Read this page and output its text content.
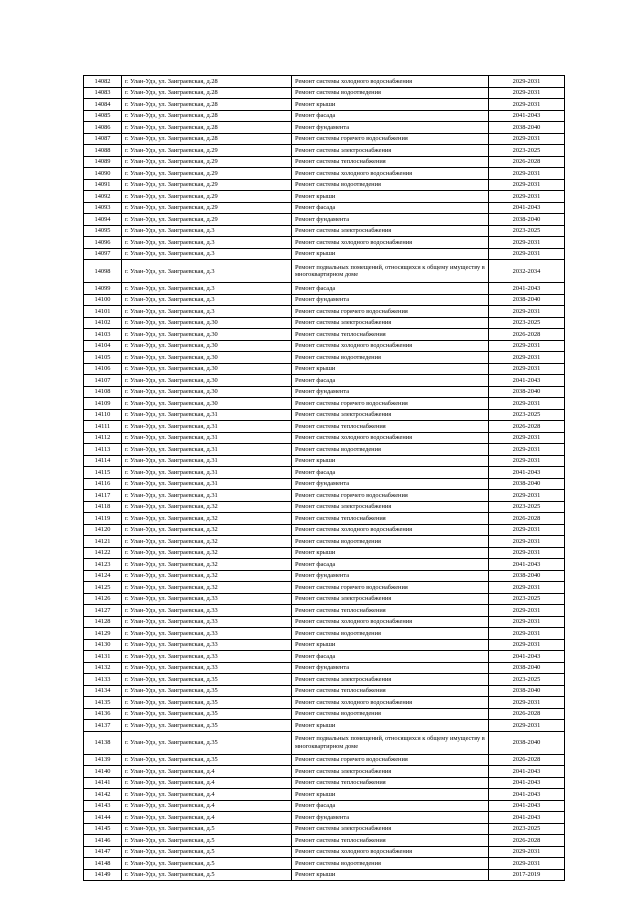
14082	г. Улан-Удэ, ул. Заиграевская, д.28	Ремонт системы холодного водоснабжения	2029-2031
14083	г. Улан-Удэ, ул. Заиграевская, д.28	Ремонт системы водоотведения	2029-2031
14084	г. Улан-Удэ, ул. Заиграевская, д.28	Ремонт крыши	2029-2031
14085	г. Улан-Удэ, ул. Заиграевская, д.28	Ремонт фасада	2041-2043
14086	г. Улан-Удэ, ул. Заиграевская, д.28	Ремонт фундамента	2038-2040
14087	г. Улан-Удэ, ул. Заиграевская, д.28	Ремонт системы горячего водоснабжения	2029-2031
14088	г. Улан-Удэ, ул. Заиграевская, д.29	Ремонт системы электроснабжения	2023-2025
14089	г. Улан-Удэ, ул. Заиграевская, д.29	Ремонт системы теплоснабжения	2026-2028
14090	г. Улан-Удэ, ул. Заиграевская, д.29	Ремонт системы холодного водоснабжения	2029-2031
14091	г. Улан-Удэ, ул. Заиграевская, д.29	Ремонт системы водоотведения	2029-2031
14092	г. Улан-Удэ, ул. Заиграевская, д.29	Ремонт крыши	2029-2031
14093	г. Улан-Удэ, ул. Заиграевская, д.29	Ремонт фасада	2041-2043
14094	г. Улан-Удэ, ул. Заиграевская, д.29	Ремонт фундамента	2038-2040
14095	г. Улан-Удэ, ул. Заиграевская, д.3	Ремонт системы электроснабжения	2023-2025
14096	г. Улан-Удэ, ул. Заиграевская, д.3	Ремонт системы холодного водоснабжения	2029-2031
14097	г. Улан-Удэ, ул. Заиграевская, д.3	Ремонт крыши	2029-2031
14098	г. Улан-Удэ, ул. Заиграевская, д.3	Ремонт подвальных помещений, относящихся к общему имуществу в многоквартирном доме	2032-2034
14099	г. Улан-Удэ, ул. Заиграевская, д.3	Ремонт фасада	2041-2043
14100	г. Улан-Удэ, ул. Заиграевская, д.3	Ремонт фундамента	2038-2040
14101	г. Улан-Удэ, ул. Заиграевская, д.3	Ремонт системы горячего водоснабжения	2029-2031
14102	г. Улан-Удэ, ул. Заиграевская, д.30	Ремонт системы электроснабжения	2023-2025
14103	г. Улан-Удэ, ул. Заиграевская, д.30	Ремонт системы теплоснабжения	2026-2028
14104	г. Улан-Удэ, ул. Заиграевская, д.30	Ремонт системы холодного водоснабжения	2029-2031
14105	г. Улан-Удэ, ул. Заиграевская, д.30	Ремонт системы водоотведения	2029-2031
14106	г. Улан-Удэ, ул. Заиграевская, д.30	Ремонт крыши	2029-2031
14107	г. Улан-Удэ, ул. Заиграевская, д.30	Ремонт фасада	2041-2043
14108	г. Улан-Удэ, ул. Заиграевская, д.30	Ремонт фундамента	2038-2040
14109	г. Улан-Удэ, ул. Заиграевская, д.30	Ремонт системы горячего водоснабжения	2029-2031
14110	г. Улан-Удэ, ул. Заиграевская, д.31	Ремонт системы электроснабжения	2023-2025
14111	г. Улан-Удэ, ул. Заиграевская, д.31	Ремонт системы теплоснабжения	2026-2028
14112	г. Улан-Удэ, ул. Заиграевская, д.31	Ремонт системы холодного водоснабжения	2029-2031
14113	г. Улан-Удэ, ул. Заиграевская, д.31	Ремонт системы водоотведения	2029-2031
14114	г. Улан-Удэ, ул. Заиграевская, д.31	Ремонт крыши	2029-2031
14115	г. Улан-Удэ, ул. Заиграевская, д.31	Ремонт фасада	2041-2043
14116	г. Улан-Удэ, ул. Заиграевская, д.31	Ремонт фундамента	2038-2040
14117	г. Улан-Удэ, ул. Заиграевская, д.31	Ремонт системы горячего водоснабжения	2029-2031
14118	г. Улан-Удэ, ул. Заиграевская, д.32	Ремонт системы электроснабжения	2023-2025
14119	г. Улан-Удэ, ул. Заиграевская, д.32	Ремонт системы теплоснабжения	2026-2028
14120	г. Улан-Удэ, ул. Заиграевская, д.32	Ремонт системы холодного водоснабжения	2029-2031
14121	г. Улан-Удэ, ул. Заиграевская, д.32	Ремонт системы водоотведения	2029-2031
14122	г. Улан-Удэ, ул. Заиграевская, д.32	Ремонт крыши	2029-2031
14123	г. Улан-Удэ, ул. Заиграевская, д.32	Ремонт фасада	2041-2043
14124	г. Улан-Удэ, ул. Заиграевская, д.32	Ремонт фундамента	2038-2040
14125	г. Улан-Удэ, ул. Заиграевская, д.32	Ремонт системы горячего водоснабжения	2029-2031
14126	г. Улан-Удэ, ул. Заиграевская, д.33	Ремонт системы электроснабжения	2023-2025
14127	г. Улан-Удэ, ул. Заиграевская, д.33	Ремонт системы теплоснабжения	2029-2031
14128	г. Улан-Удэ, ул. Заиграевская, д.33	Ремонт системы холодного водоснабжения	2029-2031
14129	г. Улан-Удэ, ул. Заиграевская, д.33	Ремонт системы водоотведения	2029-2031
14130	г. Улан-Удэ, ул. Заиграевская, д.33	Ремонт крыши	2029-2031
14131	г. Улан-Удэ, ул. Заиграевская, д.33	Ремонт фасада	2041-2043
14132	г. Улан-Удэ, ул. Заиграевская, д.33	Ремонт фундамента	2038-2040
14133	г. Улан-Удэ, ул. Заиграевская, д.35	Ремонт системы электроснабжения	2023-2025
14134	г. Улан-Удэ, ул. Заиграевская, д.35	Ремонт системы теплоснабжения	2038-2040
14135	г. Улан-Удэ, ул. Заиграевская, д.35	Ремонт системы холодного водоснабжения	2029-2031
14136	г. Улан-Удэ, ул. Заиграевская, д.35	Ремонт системы водоотведения	2026-2028
14137	г. Улан-Удэ, ул. Заиграевская, д.35	Ремонт крыши	2029-2031
14138	г. Улан-Удэ, ул. Заиграевская, д.35	Ремонт подвальных помещений, относящихся к общему имуществу в многоквартирном доме	2038-2040
14139	г. Улан-Удэ, ул. Заиграевская, д.35	Ремонт системы горячего водоснабжения	2026-2028
14140	г. Улан-Удэ, ул. Заиграевская, д.4	Ремонт системы электроснабжения	2041-2043
14141	г. Улан-Удэ, ул. Заиграевская, д.4	Ремонт системы теплоснабжения	2041-2043
14142	г. Улан-Удэ, ул. Заиграевская, д.4	Ремонт крыши	2041-2043
14143	г. Улан-Удэ, ул. Заиграевская, д.4	Ремонт фасада	2041-2043
14144	г. Улан-Удэ, ул. Заиграевская, д.4	Ремонт фундамента	2041-2043
14145	г. Улан-Удэ, ул. Заиграевская, д.5	Ремонт системы электроснабжения	2023-2025
14146	г. Улан-Удэ, ул. Заиграевская, д.5	Ремонт системы теплоснабжения	2026-2028
14147	г. Улан-Удэ, ул. Заиграевская, д.5	Ремонт системы холодного водоснабжения	2029-2031
14148	г. Улан-Удэ, ул. Заиграевская, д.5	Ремонт системы водоотведения	2029-2031
14149	г. Улан-Удэ, ул. Заиграевская, д.5	Ремонт крыши	2017-2019
